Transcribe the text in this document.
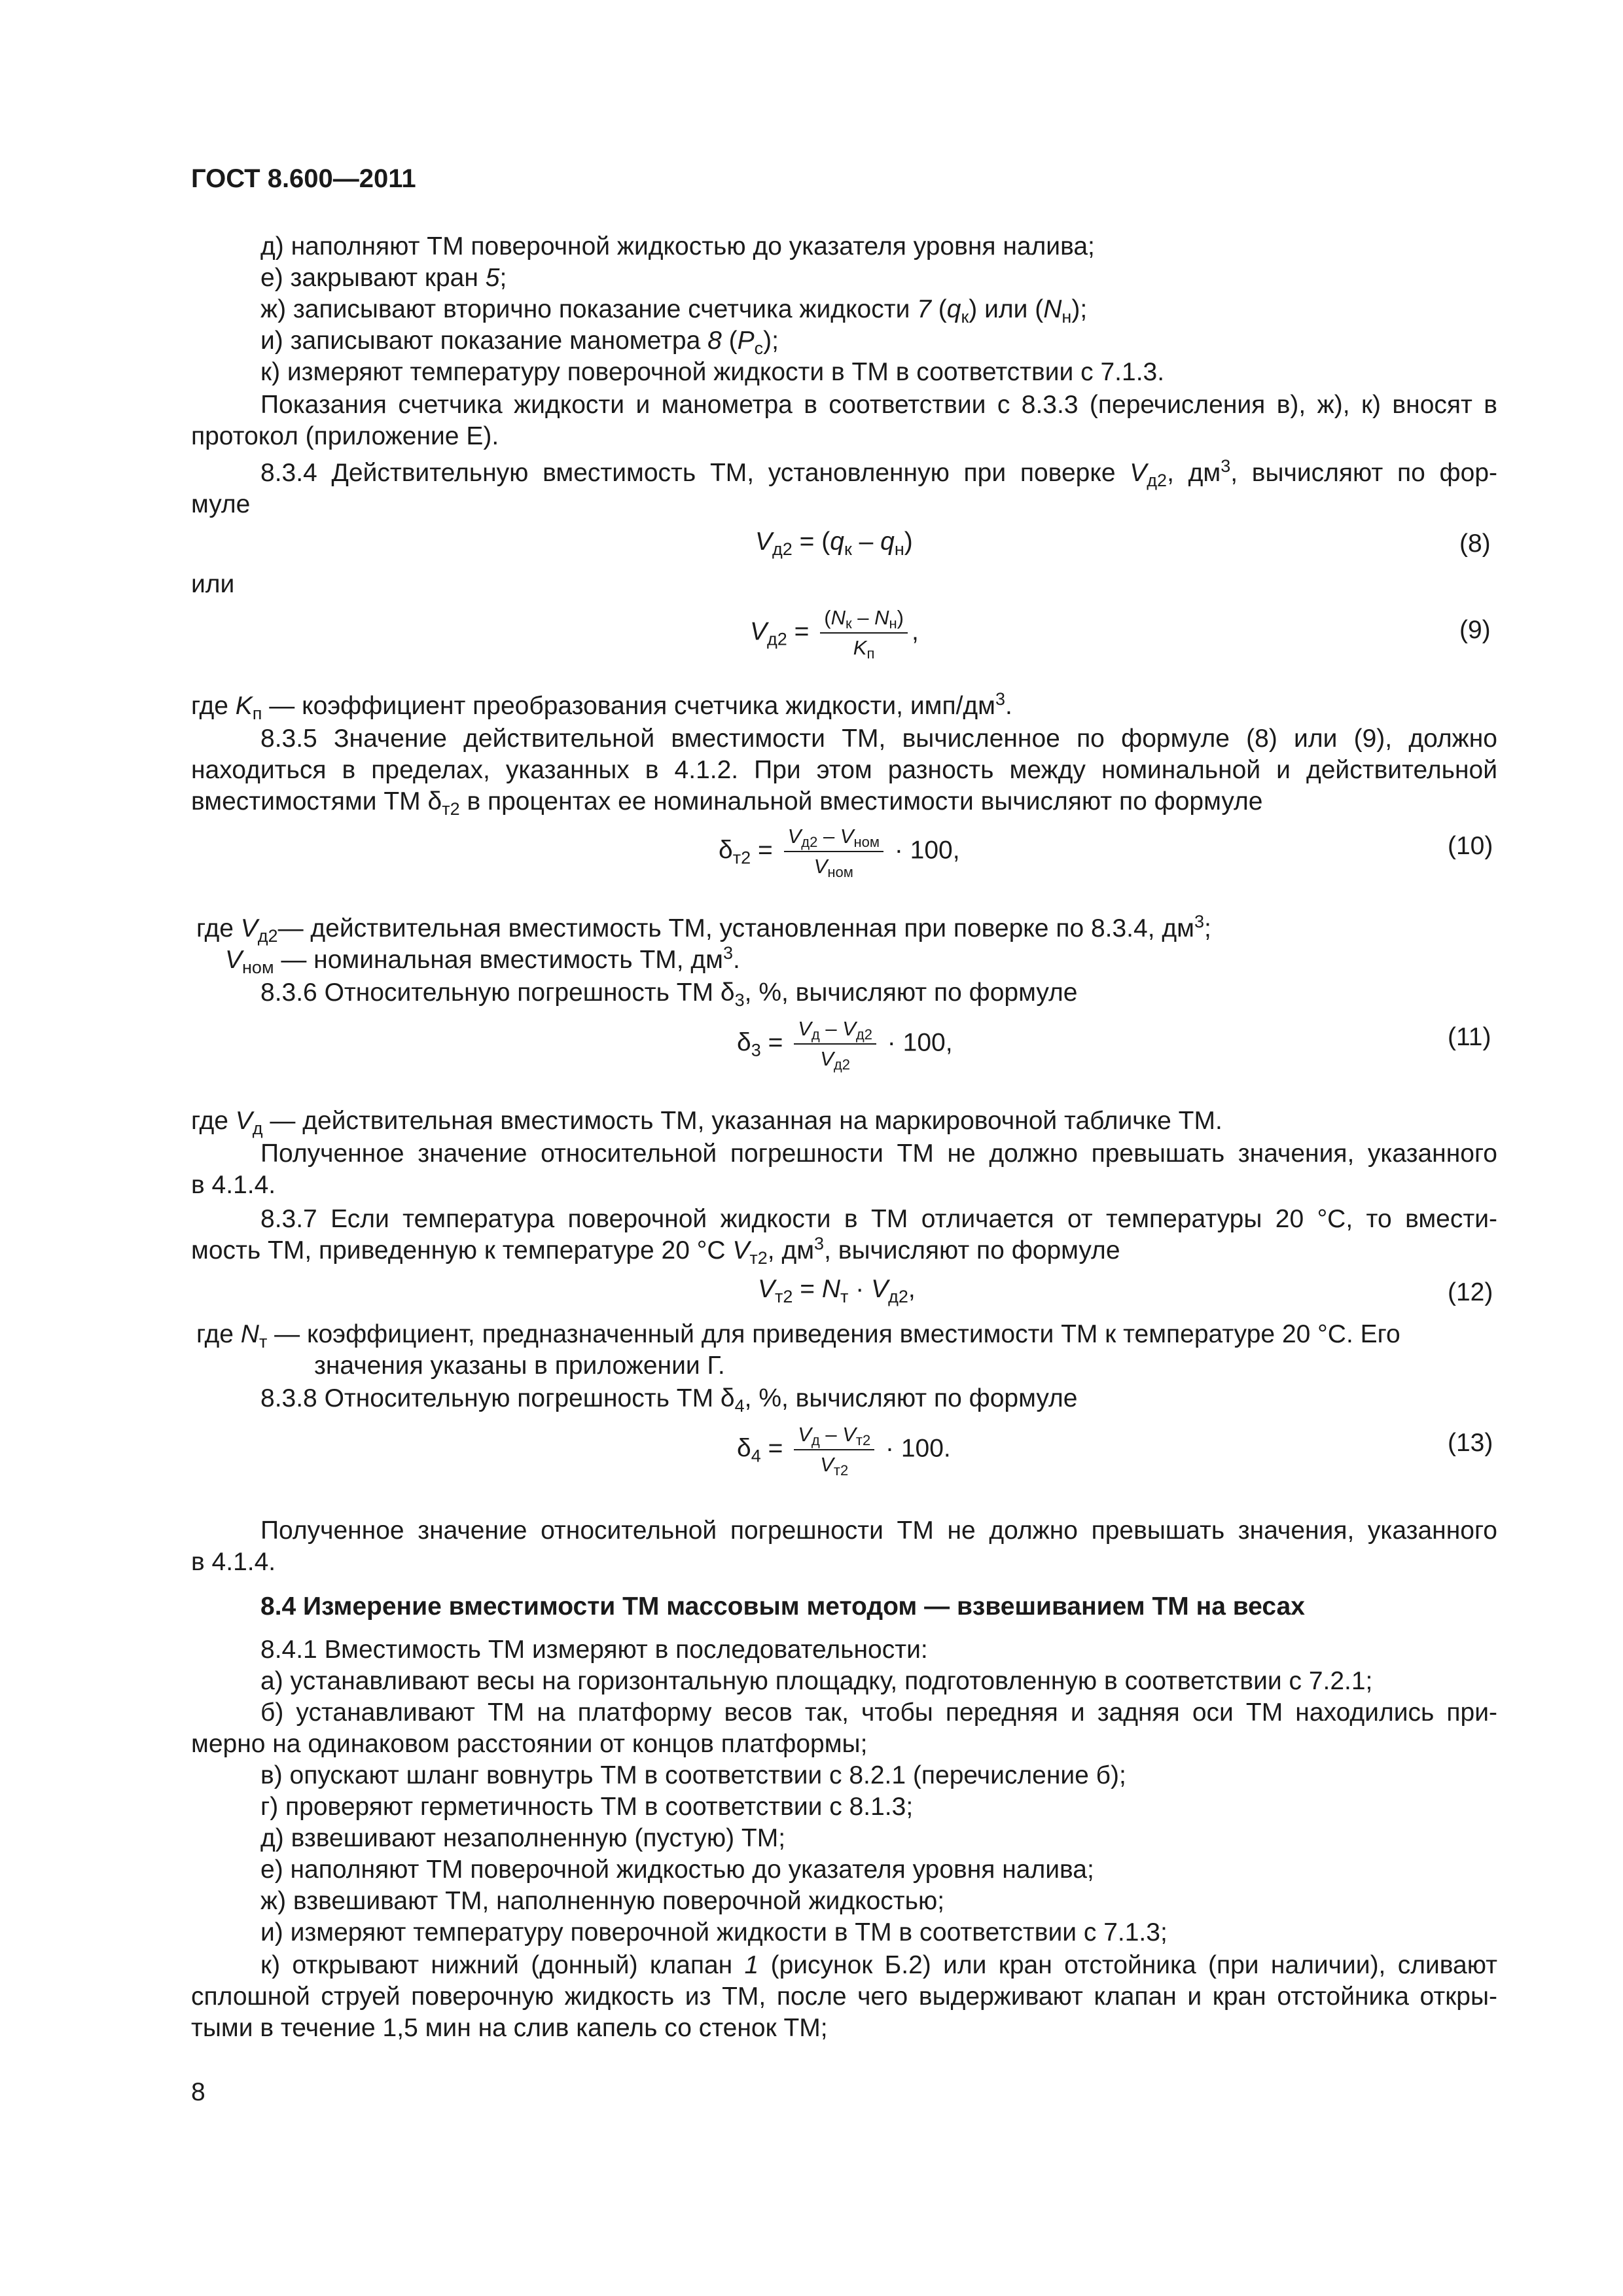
ГОСТ 8.600—2011
д) наполняют ТМ поверочной жидкостью до указателя уровня налива;
е) закрывают кран 5;
ж) записывают вторично показание счетчика жидкости 7 $(q_к)$ или $(N_н)$;
и) записывают показание манометра 8 $(P_с)$;
к) измеряют температуру поверочной жидкости в ТМ в соответствии с 7.1.3.
Показания счетчика жидкости и манометра в соответствии с 8.3.3 (перечисления в), ж), к) вносят в
протокол (приложение Е).
8.3.4 Действительную вместимость ТМ, установленную при поверке $V_{д2}$, $дм^3$, вычисляют по фор-
муле
$V_{д2} = (q_к - q_н)$	(8)
или
$V_{д2} = \frac{(N_к - N_н)}{K_п}$ ,	(9)
где $K_п$ — коэффициент преобразования счетчика жидкости, имп/$дм^3$.
8.3.5 Значение действительной вместимости ТМ, вычисленное по формуле (8) или (9), должно
находиться в пределах, указанных в 4.1.2. При этом разность между номинальной и действительной
вместимостями ТМ $\delta_{т2}$ в процентах ее номинальной вместимости вычисляют по формуле
$\delta_{т2} = \frac{V_{д2} - V_{ном}}{V_{ном}} \cdot 100$,	(10)
где $V_{д2}—$ действительная вместимость ТМ, установленная при поверке по 8.3.4, $дм^3$;
$V_{ном}$ — номинальная вместимость ТМ, $дм^3$.
8.3.6 Относительную погрешность ТМ $\delta_3$, %, вычисляют по формуле
$\delta_3 = \frac{V_д - V_{д2}}{V_{д2}} \cdot 100$,	(11)
где $V_д$ — действительная вместимость ТМ, указанная на маркировочной табличке ТМ.
Полученное значение относительной погрешности ТМ не должно превышать значения, указанного
в 4.1.4.
8.3.7 Если температура поверочной жидкости в ТМ отличается от температуры 20 °С, то вмести-
мость ТМ, приведенную к температуре 20 °С $V_{т2}$, $дм^3$, вычисляют по формуле
$V_{т2} = N_т \cdot V_{д2}$,	(12)
где $N_т$ — коэффициент, предназначенный для приведения вместимости ТМ к температуре 20 °С. Его
значения указаны в приложении Г.
8.3.8 Относительную погрешность ТМ $\delta_4$, %, вычисляют по формуле
$\delta_4 = \frac{V_д - V_{т2}}{V_{т2}} \cdot 100$.	(13)
Полученное значение относительной погрешности ТМ не должно превышать значения, указанного
в 4.1.4.
8.4 Измерение вместимости ТМ массовым методом — взвешиванием ТМ на весах
8.4.1 Вместимость ТМ измеряют в последовательности:
а) устанавливают весы на горизонтальную площадку, подготовленную в соответствии с 7.2.1;
б) устанавливают ТМ на платформу весов так, чтобы передняя и задняя оси ТМ находились при-
мерно на одинаковом расстоянии от концов платформы;
в) опускают шланг вовнутрь ТМ в соответствии с 8.2.1 (перечисление б);
г) проверяют герметичность ТМ в соответствии с 8.1.3;
д) взвешивают незаполненную (пустую) ТМ;
е) наполняют ТМ поверочной жидкостью до указателя уровня налива;
ж) взвешивают ТМ, наполненную поверочной жидкостью;
и) измеряют температуру поверочной жидкости в ТМ в соответствии с 7.1.3;
к) открывают нижний (донный) клапан 1 (рисунок Б.2) или кран отстойника (при наличии), сливают
сплошной струей поверочную жидкость из ТМ, после чего выдерживают клапан и кран отстойника откры-
тыми в течение 1,5 мин на слив капель со стенок ТМ;
8
